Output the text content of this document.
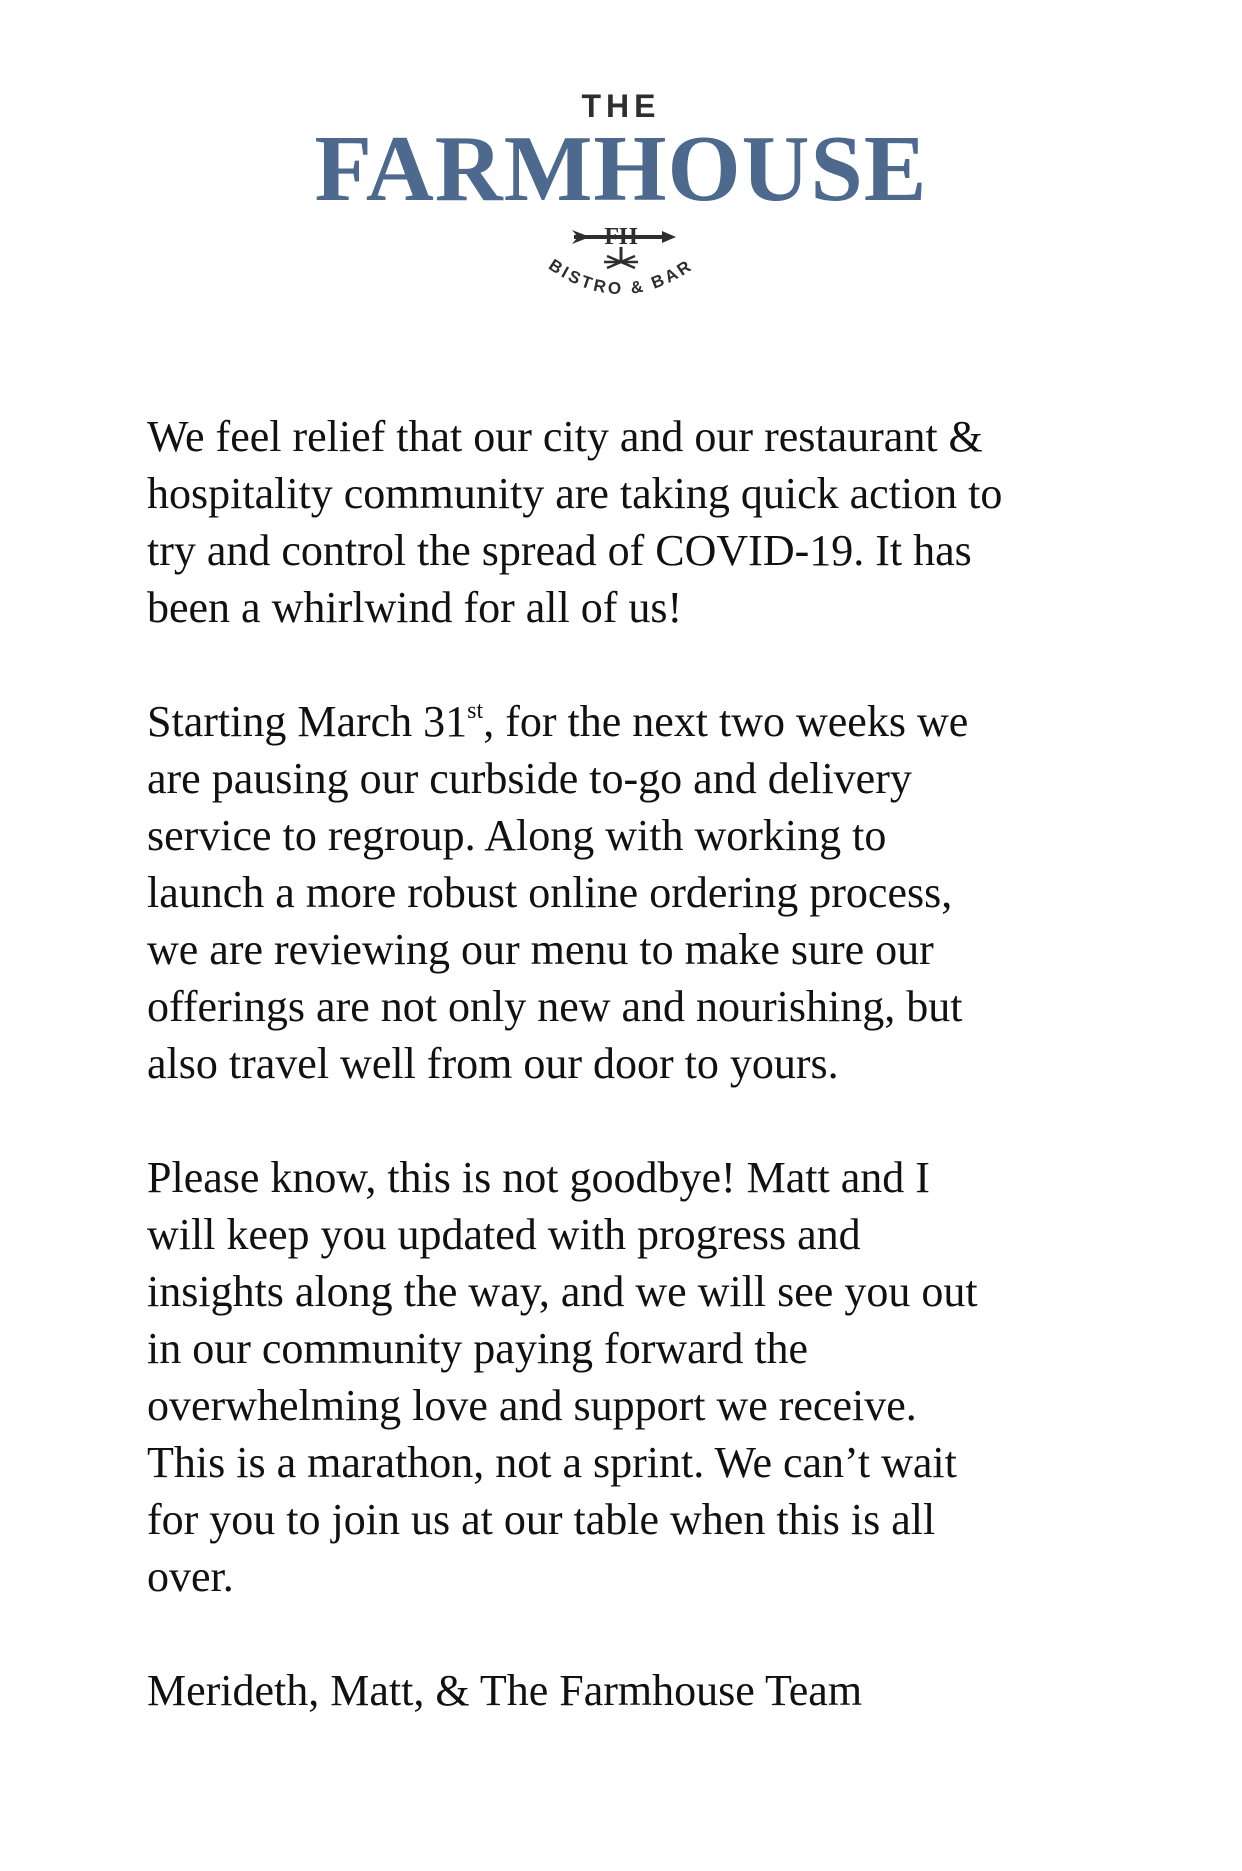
THE
FARMHOUSE
FH
BISTRO & BAR

We feel relief that our city and our restaurant &
hospitality community are taking quick action to
try and control the spread of COVID-19. It has
been a whirlwind for all of us!

Starting March 31st, for the next two weeks we
are pausing our curbside to-go and delivery
service to regroup. Along with working to
launch a more robust online ordering process,
we are reviewing our menu to make sure our
offerings are not only new and nourishing, but
also travel well from our door to yours.

Please know, this is not goodbye! Matt and I
will keep you updated with progress and
insights along the way, and we will see you out
in our community paying forward the
overwhelming love and support we receive.
This is a marathon, not a sprint. We can’t wait
for you to join us at our table when this is all
over.

Merideth, Matt, & The Farmhouse Team
